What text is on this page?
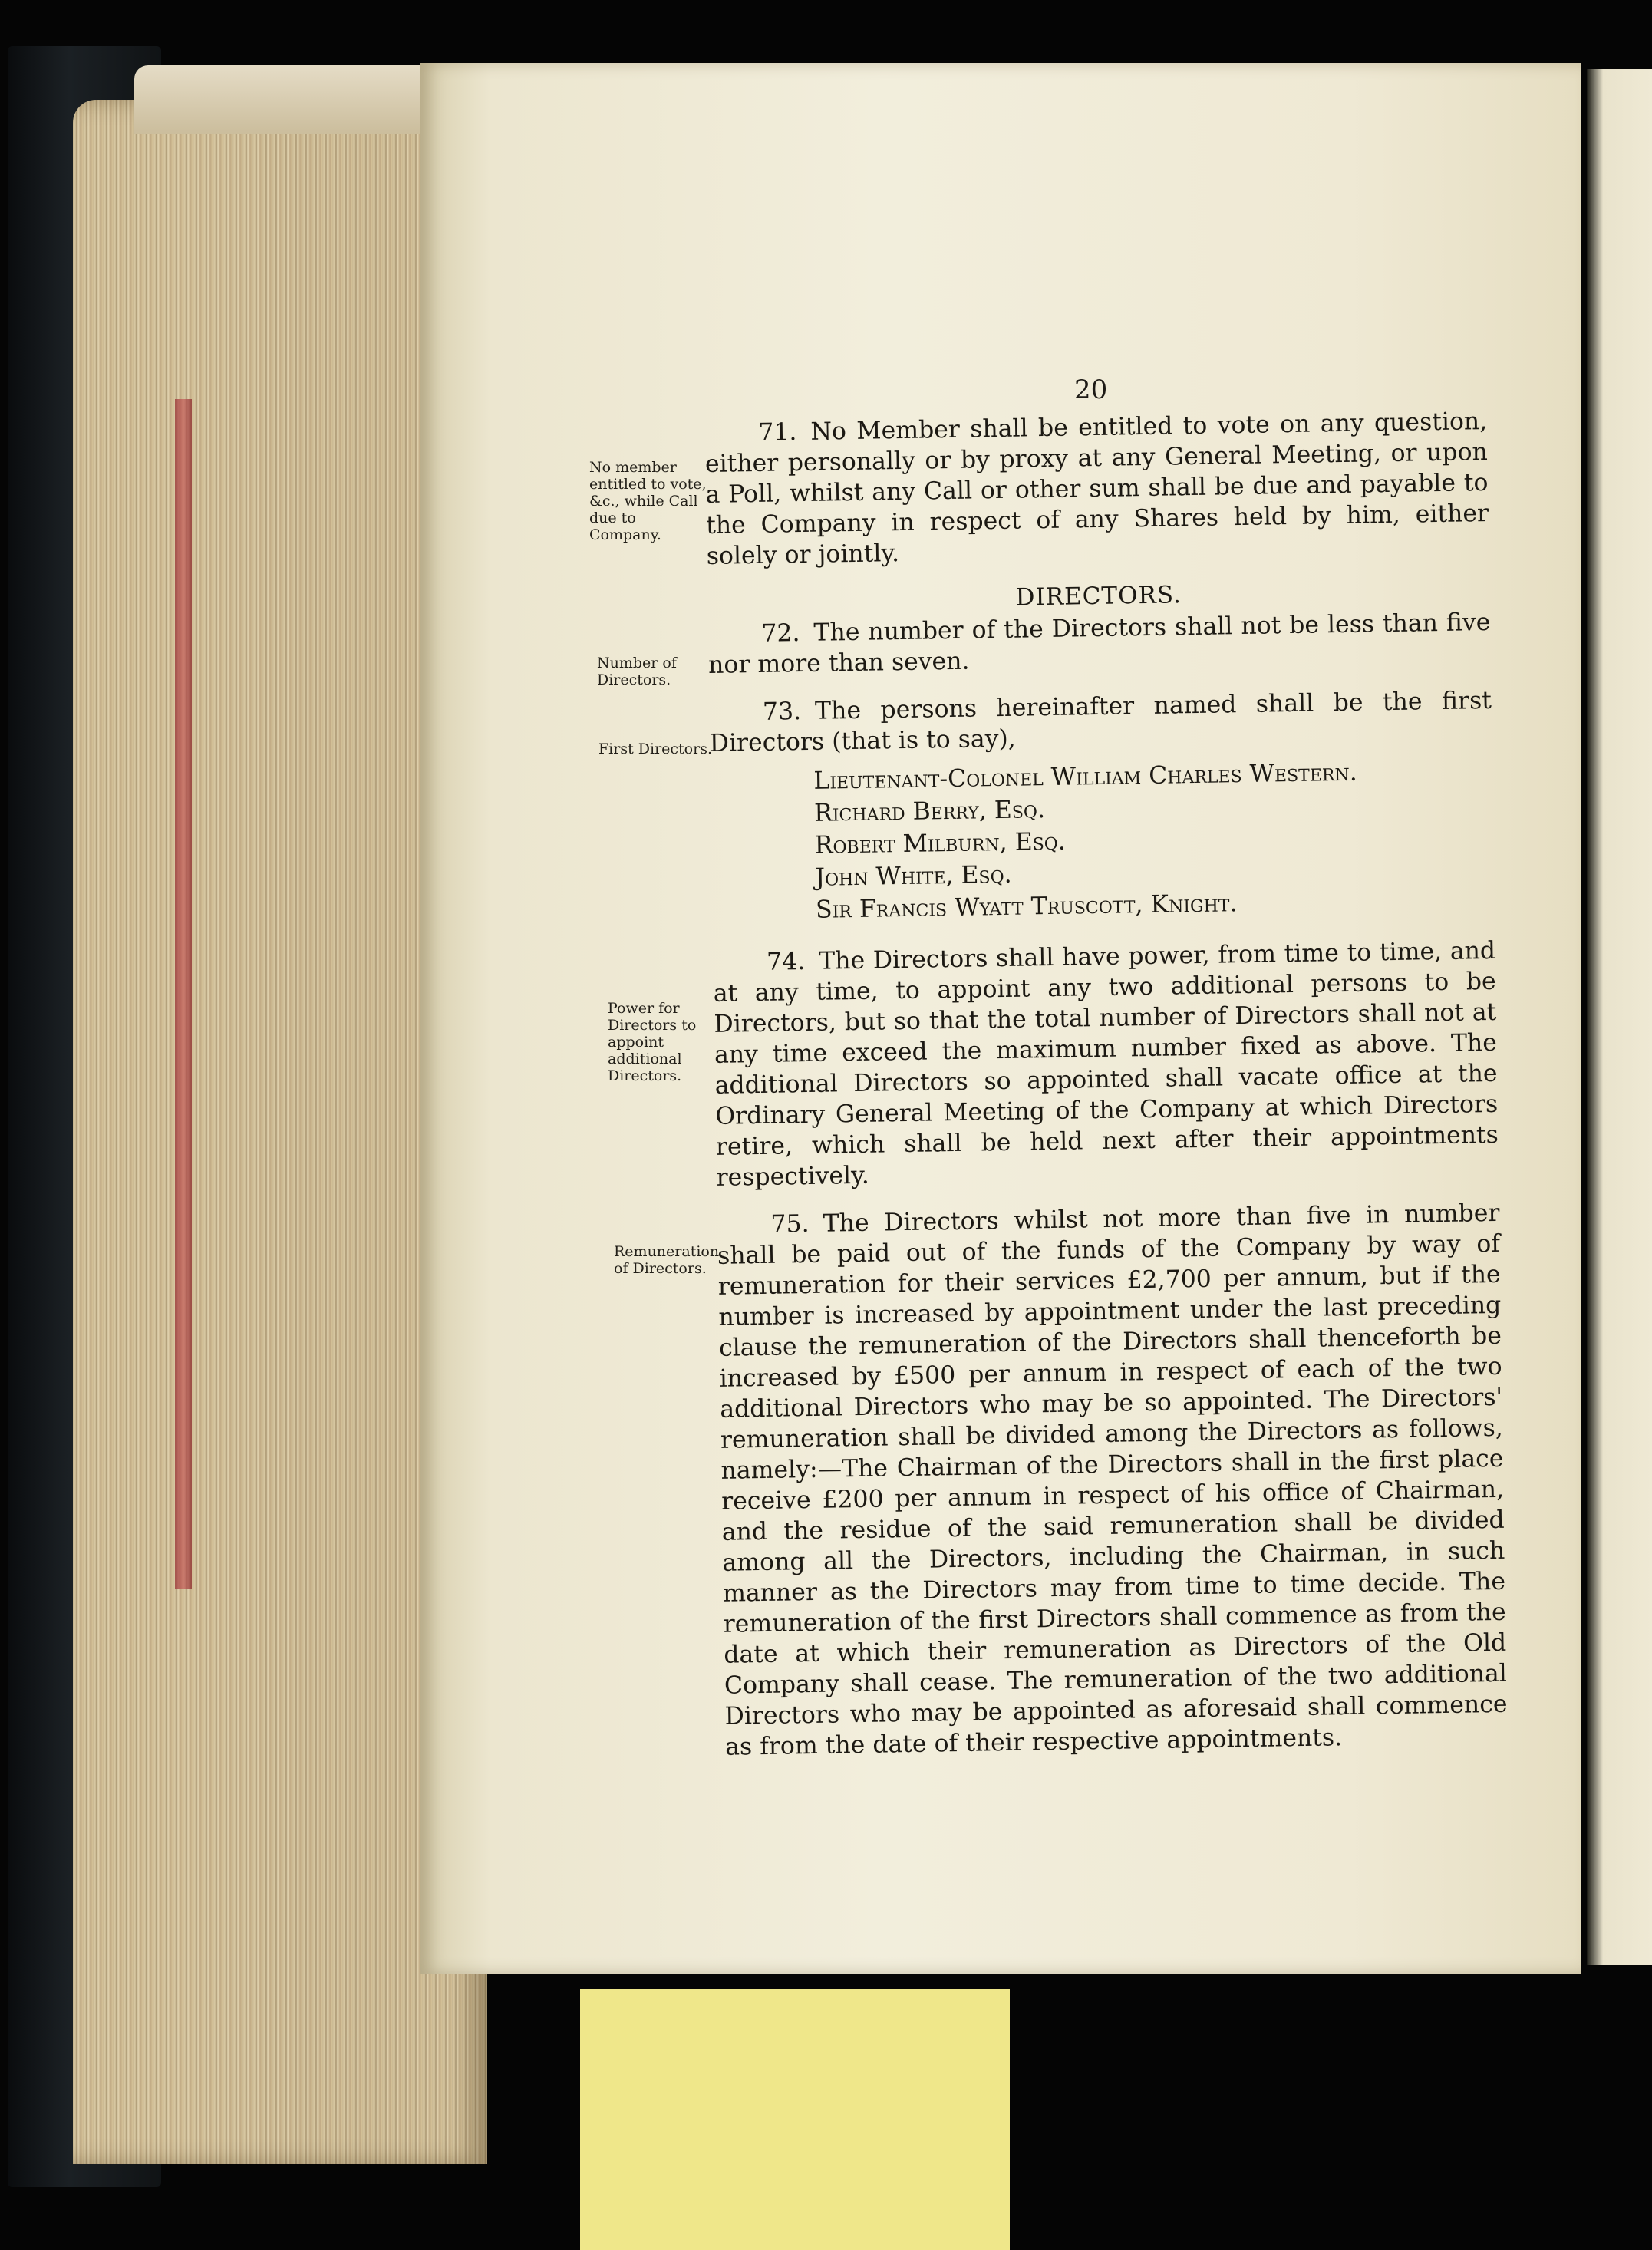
20
No member entitled to vote, &c., while Call due to Company.
Number of Directors.
First Directors.
Power for Directors to appoint additional Directors.
Remuneration of Directors.

71. No Member shall be entitled to vote on any question, either personally or by proxy at any General Meeting, or upon a Poll, whilst any Call or other sum shall be due and payable to the Company in respect of any Shares held by him, either solely or jointly.

DIRECTORS.

72. The number of the Directors shall not be less than five nor more than seven.

73. The persons hereinafter named shall be the first Directors (that is to say),

Lieutenant-Colonel William Charles Western.
Richard Berry, Esq.
Robert Milburn, Esq.
John White, Esq.
Sir Francis Wyatt Truscott, Knight.

74. The Directors shall have power, from time to time, and at any time, to appoint any two additional persons to be Directors, but so that the total number of Directors shall not at any time exceed the maximum number fixed as above. The additional Directors so appointed shall vacate office at the Ordinary General Meeting of the Company at which Directors retire, which shall be held next after their appointments respectively.

75. The Directors whilst not more than five in number shall be paid out of the funds of the Company by way of remuneration for their services £2,700 per annum, but if the number is increased by appointment under the last preceding clause the remuneration of the Directors shall thenceforth be increased by £500 per annum in respect of each of the two additional Directors who may be so appointed. The Directors' remuneration shall be divided among the Directors as follows, namely:—The Chairman of the Directors shall in the first place receive £200 per annum in respect of his office of Chairman, and the residue of the said remuneration shall be divided among all the Directors, including the Chairman, in such manner as the Directors may from time to time decide. The remuneration of the first Directors shall commence as from the date at which their remuneration as Directors of the Old Company shall cease. The remuneration of the two additional Directors who may be appointed as aforesaid shall commence as from the date of their respective appointments.
